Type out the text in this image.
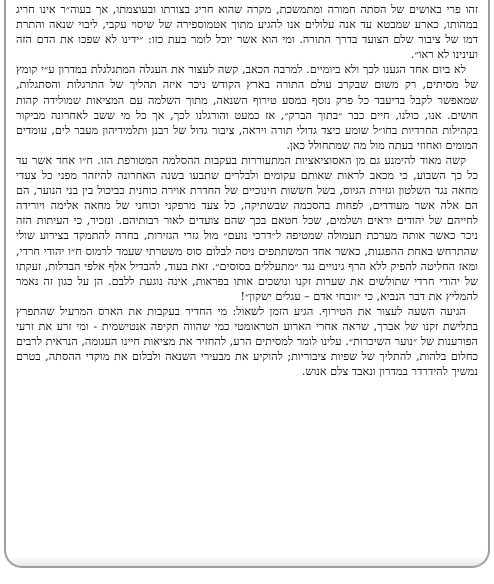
זהו פרי באושים של הסתה חמורה ומתמשכת, מקרה שהוא חריג בצורתו ובעוצמתו, אך בעוה״ר אינו חריג במהותו, כארע שמבטא עד אנה עלולים אנו להגיע מתוך אטמוספירה של שיסוי עקבי, ליבוי שנאה והתרת דמו של ציבור שלם הצועד בדרך התורה. ומי הוא אשר יוכל לומר בעת כזו: ״ידינו לא שפכו את הדם הזה ועינינו לא ראו״.

לא ביום אחד הגענו לכך ולא ביומיים. למרבה הכאב, קשה לעצור את העגלה המתגלגלת במדרון ע״י קומץ של מסיתים, רק משום שבקרב עולם התורה בארץ הקודש ניכר איזה תהליך של התרגלות והסתגלות, שמאפשר לקבל בדיעבד כל פרק נוסף במסע טירוף השנאה, מתוך השלמה עם המציאות שמולידה קהות חושים. אנו, כולנו, חיים כבר ״בתוך הברק״, אז כמעט והורגלנו לכך, אך כל מי ששב לאחרונה מביקור בקהילות החרדיות בחו״ל שומע כיצד גדולי תורה ויראה, ציבור גדול של רבנן ותלמידיהון מעבר לים, עומדים המומים ואחוזי בעתה מול מה שמתחולל כאן.

קשה מאוד להימנע גם מן האסוציאציות המתעוררות בעקבות ההסלמה המטורפת הזו. ח״ו אחד אשר עד כל כך השבוע, כי מכאב לראות שאותם עקומים ולבלרים שתבעו בשנה האחרונה להיזהר מפני כל צעדי מחאה נגד השלטון וגזירת הגיוס, בשל חששות חינוכיים של החדרת אוירה כוחנית כביכול בין בני הנוער, הם הם אלה אשר מעודדים, לפחות בהסכמה שבשתיקה, כל צעד מרפקני וכוחני של מחאה אלימה ויורידה לחייהם של יהודים יראים ושלמים, שכל חטאם בכך שהם צועדים לאור רבותיהם. ונזכיר, כי העיתות הזה ניכר כאשר אותה מערכת תעמולה שמטיפה ל״דרכי נועם״ מול גזרי הגזירות, בחרה להתמקד בצירוע שולי שהתרחש באחת ההפגנות, כאשר אחד המשתתפים ניסה לבלום סוס משטרתי שעמד לרמוס ח״ו יהודי חרדי, ומאז החליטה להפיק ללא הרף גינויים נגד ״מתעללים בסוסים״. זאת בעוד, להבדיל אלף אלפי הבדלות, זעקתו של יהודי חרדי שתולשים את שערות זקנו ונושכים אותו בפראות, אינה נוגעת ללבם. הן על כגון זה נאמר להמליץ את דבר הנביא, כי ״זובחי אדם – עגלים ישקון״!

הגיעה השעה לעצור את הטירוף. הגיע הזמן לשאול: מי החדיר בעקבות את הארס המרעיל שהתפרץ בתלישת זקנו של אברך, שראה אחרי הארוע הטראומטי כמי שהווה תקיפה אנטישמית - ומי זרע את זרעי הפורענות של ״נוער השיכרות״. עלינו לומר למסיתים הרע, להחזיר את מציאות חיינו העגומה, הנראית לרבים כחלום בלהות, להתליך של שפיות ציבוריות; להוקיע את מבעירי השנאה ולבלום את מוקדי ההסתה, בטרם נמשיך להידרדר במדרון ונאבד צלם אנוש.
